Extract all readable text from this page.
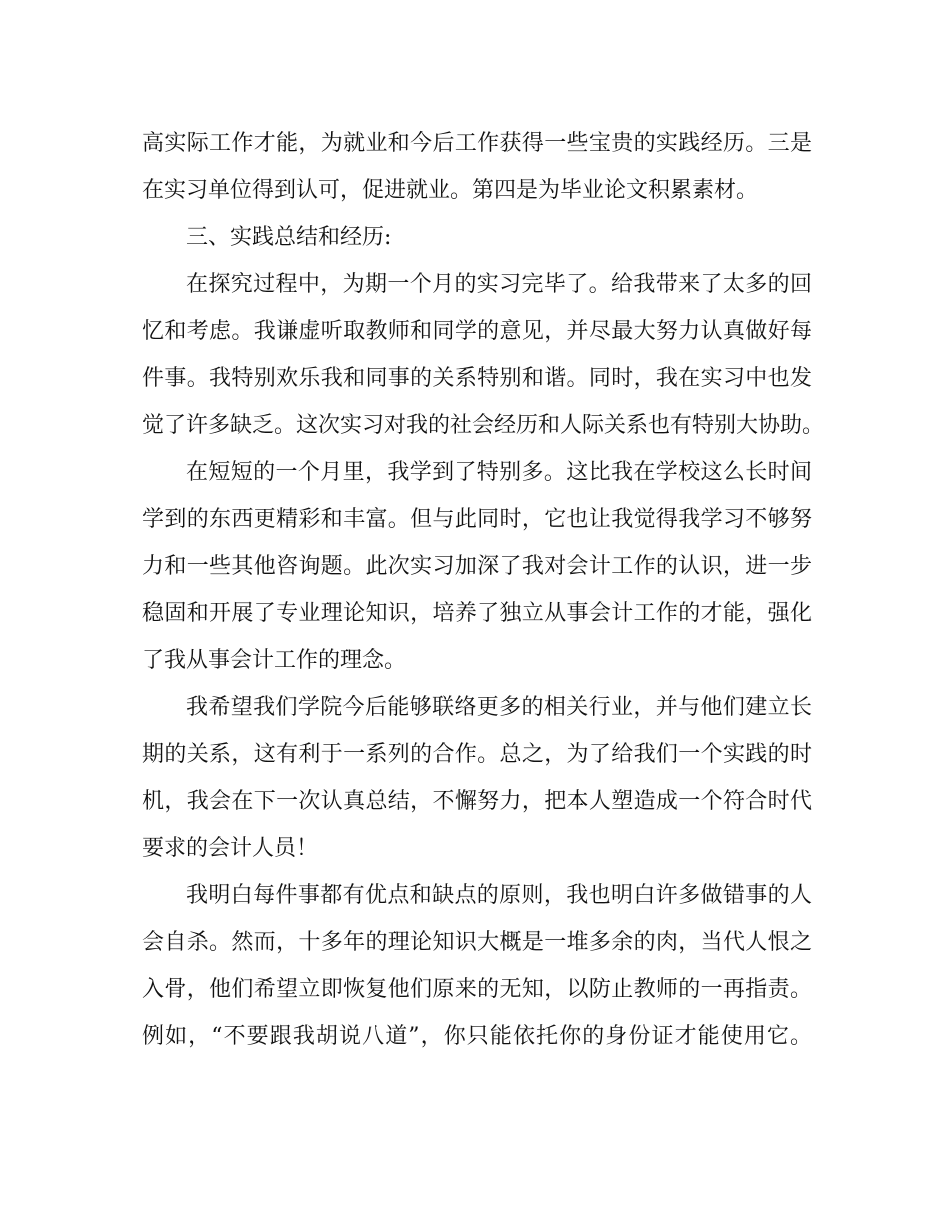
高实际工作才能，为就业和今后工作获得一些宝贵的实践经历。三是
在实习单位得到认可，促进就业。第四是为毕业论文积累素材。
三、实践总结和经历:
在探究过程中，为期一个月的实习完毕了。给我带来了太多的回
忆和考虑。我谦虚听取教师和同学的意见，并尽最大努力认真做好每
件事。我特别欢乐我和同事的关系特别和谐。同时，我在实习中也发
觉了许多缺乏。这次实习对我的社会经历和人际关系也有特别大协助。
在短短的一个月里，我学到了特别多。这比我在学校这么长时间
学到的东西更精彩和丰富。但与此同时，它也让我觉得我学习不够努
力和一些其他咨询题。此次实习加深了我对会计工作的认识，进一步
稳固和开展了专业理论知识，培养了独立从事会计工作的才能，强化
了我从事会计工作的理念。
我希望我们学院今后能够联络更多的相关行业，并与他们建立长
期的关系，这有利于一系列的合作。总之，为了给我们一个实践的时
机，我会在下一次认真总结，不懈努力，把本人塑造成一个符合时代
要求的会计人员！
我明白每件事都有优点和缺点的原则，我也明白许多做错事的人
会自杀。然而，十多年的理论知识大概是一堆多余的肉，当代人恨之
入骨，他们希望立即恢复他们原来的无知，以防止教师的一再指责。
例如，“不要跟我胡说八道”，你只能依托你的身份证才能使用它。
